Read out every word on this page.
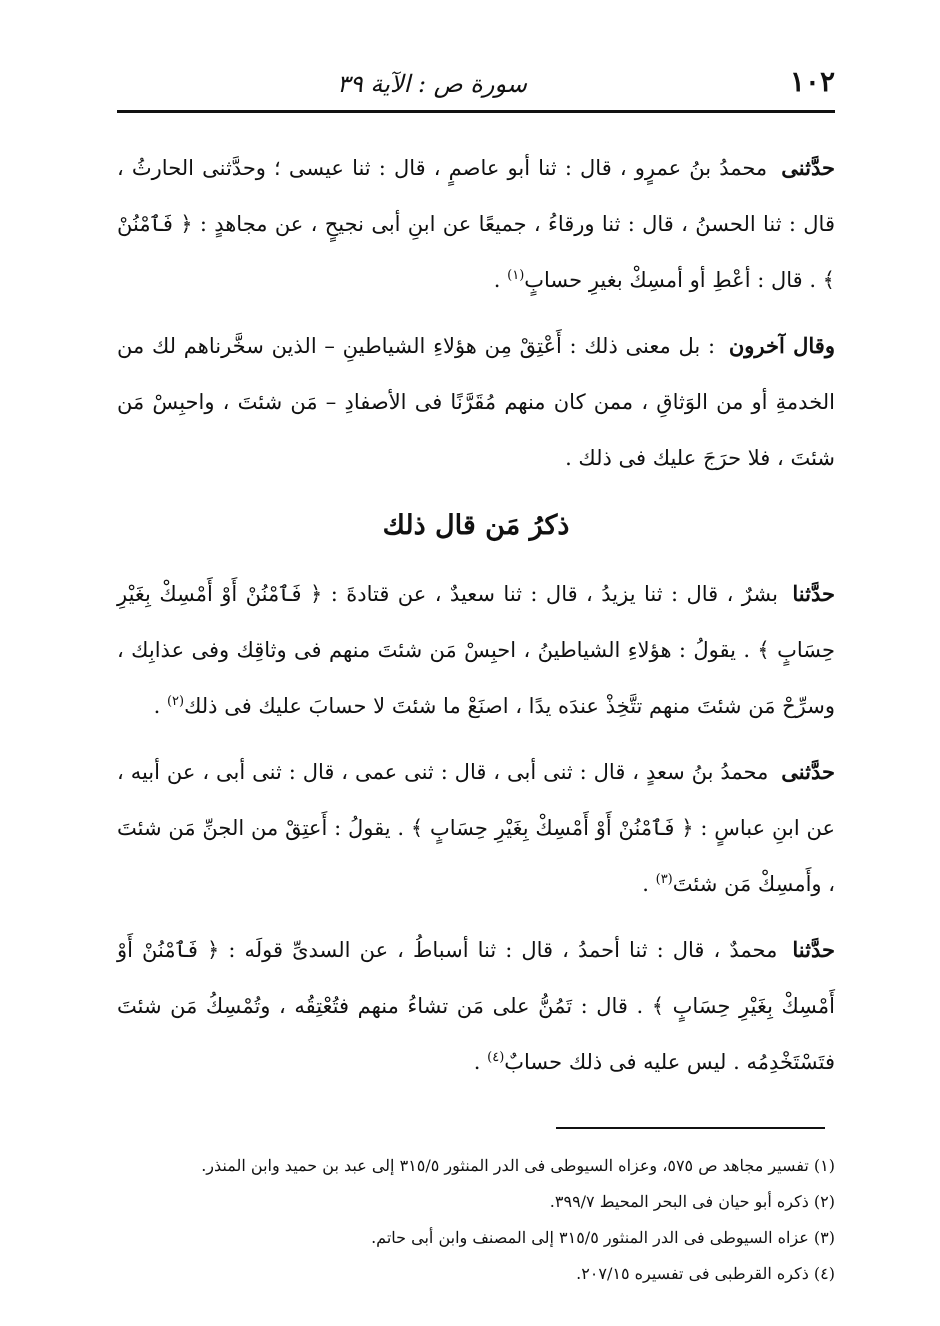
١٠٢
سورة ص : الآية ٣٩

حدَّثنى محمدُ بنُ عمرٍو ، قال : ثنا أبو عاصمٍ ، قال : ثنا عيسى ؛ وحدَّثنى الحارثُ ، قال : ثنا الحسنُ ، قال : ثنا ورقاءُ ، جميعًا عن ابنِ أبى نجيحٍ ، عن مجاهدٍ : ﴿ فَٱمْنُنْ ﴾ . قال : أعْطِ أو أمسِكْ بغيرِ حسابٍ$^{(١)}$ .

وقال آخرون : بل معنى ذلك : أَعْتِقْ مِن هؤلاءِ الشياطينِ – الذين سخَّرناهم لك من الخدمةِ أو من الوَثاقِ ، ممن كان منهم مُقَرَّنًا فى الأصفادِ – مَن شئتَ ، واحبِسْ مَن شئتَ ، فلا حرَجَ عليك فى ذلك .

ذكرُ مَن قال ذلك

حدَّثنا بشرٌ ، قال : ثنا يزيدُ ، قال : ثنا سعيدٌ ، عن قتادةَ : ﴿ فَٱمْنُنْ أَوْ أَمْسِكْ بِغَيْرِ حِسَابٍ ﴾ . يقولُ : هؤلاءِ الشياطينُ ، احبِسْ مَن شئتَ منهم فى وثاقِك وفى عذابِك ، وسرِّحْ مَن شئتَ منهم تتَّخِذْ عندَه يدًا ، اصنَعْ ما شئتَ لا حسابَ عليك فى ذلك$^{(٢)}$ .

حدَّثنى محمدُ بنُ سعدٍ ، قال : ثنى أبى ، قال : ثنى عمى ، قال : ثنى أبى ، عن أبيه ، عن ابنِ عباسٍ : ﴿ فَٱمْنُنْ أَوْ أَمْسِكْ بِغَيْرِ حِسَابٍ ﴾ . يقولُ : أَعتِقْ من الجنِّ مَن شئتَ ، وأَمسِكْ مَن شئتَ$^{(٣)}$ .

حدَّثنا محمدٌ ، قال : ثنا أحمدُ ، قال : ثنا أسباطُ ، عن السدىِّ قولَه : ﴿ فَٱمْنُنْ أَوْ أَمْسِكْ بِغَيْرِ حِسَابٍ ﴾ . قال : تَمُنُّ على مَن تشاءُ منهم فتُعْتِقُه ، وتُمْسِكُ مَن شئتَ فتَسْتَخْدِمُه . ليس عليه فى ذلك حسابٌ$^{(٤)}$ .

(١) تفسير مجاهد ص ٥٧٥، وعزاه السيوطى فى الدر المنثور ٣١٥/٥ إلى عبد بن حميد وابن المنذر.

(٢) ذكره أبو حيان فى البحر المحيط ٣٩٩/٧.

(٣) عزاه السيوطى فى الدر المنثور ٣١٥/٥ إلى المصنف وابن أبى حاتم.

(٤) ذكره القرطبى فى تفسيره ٢٠٧/١٥.
